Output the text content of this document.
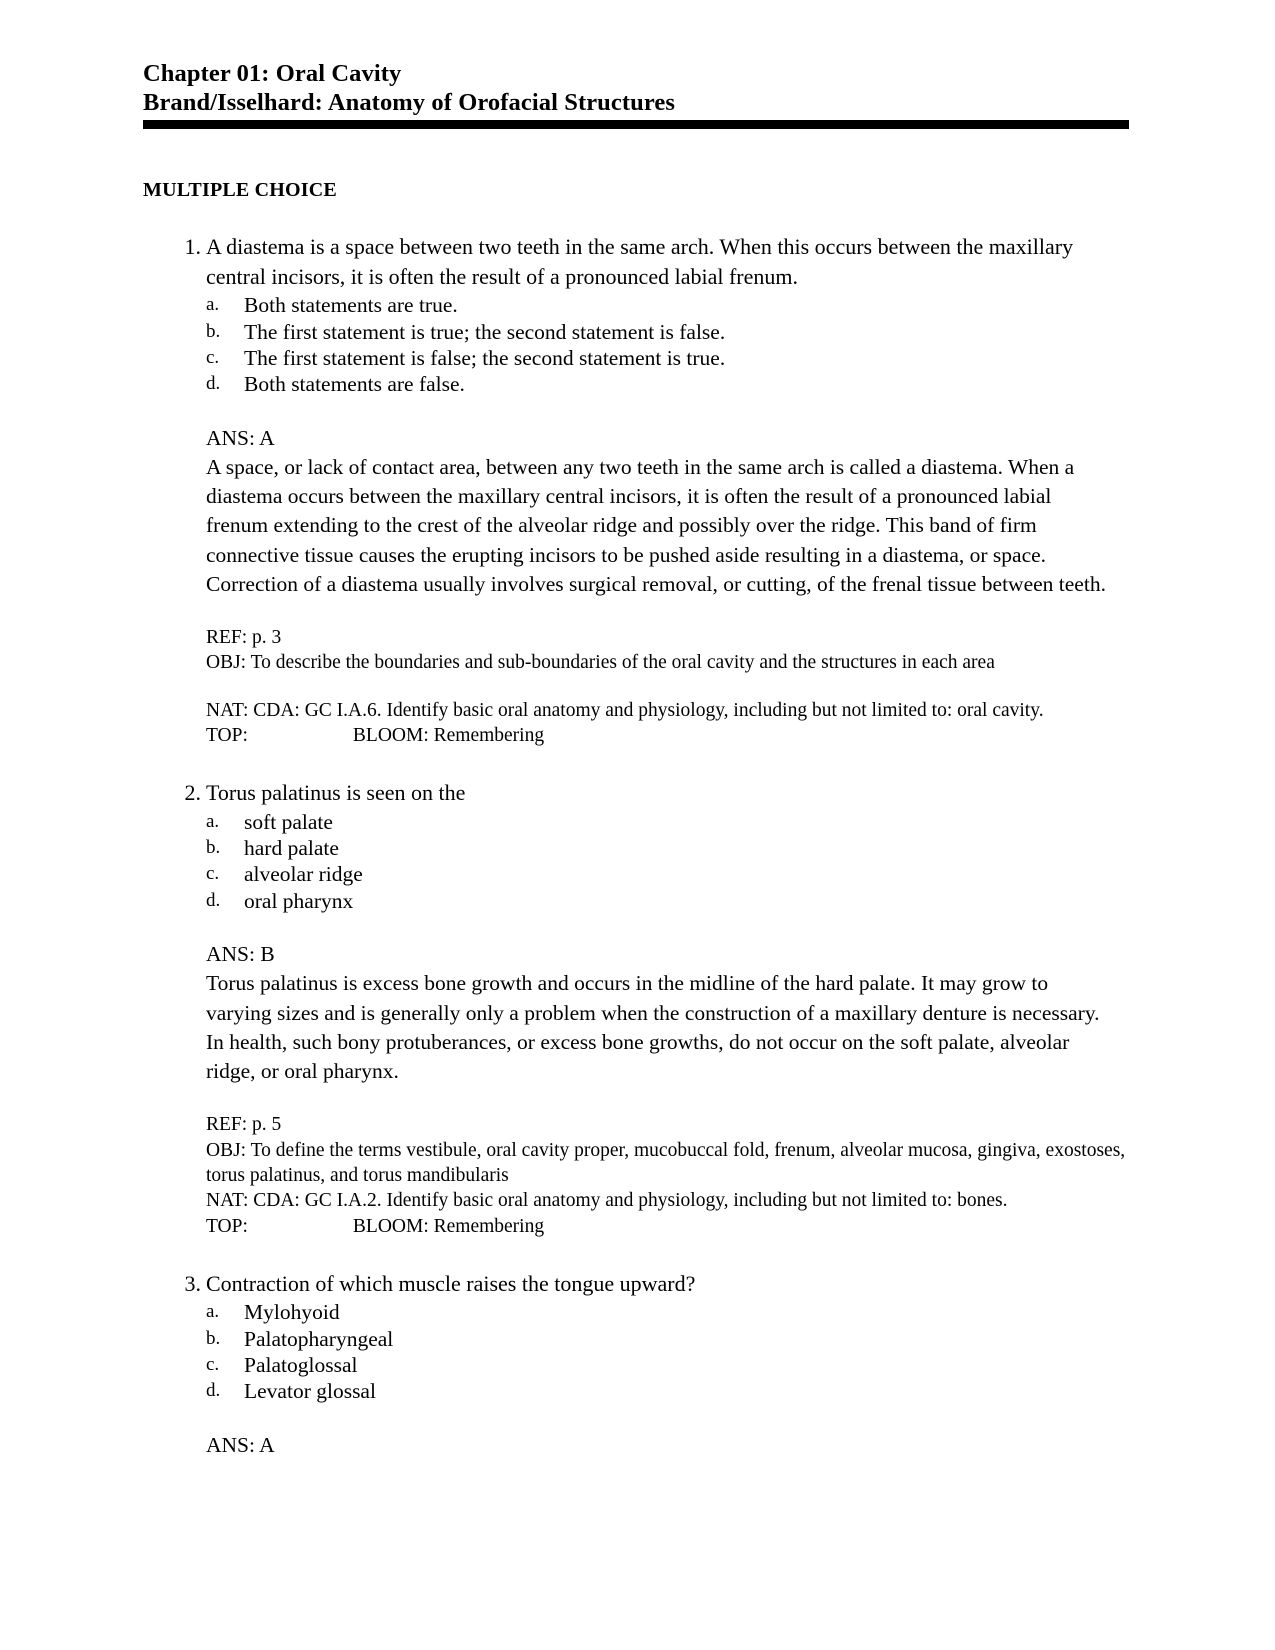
Chapter 01: Oral Cavity
Brand/Isselhard: Anatomy of Orofacial Structures
MULTIPLE CHOICE
1. A diastema is a space between two teeth in the same arch. When this occurs between the maxillary central incisors, it is often the result of a pronounced labial frenum.
a. Both statements are true.
b. The first statement is true; the second statement is false.
c. The first statement is false; the second statement is true.
d. Both statements are false.
ANS: A
A space, or lack of contact area, between any two teeth in the same arch is called a diastema. When a diastema occurs between the maxillary central incisors, it is often the result of a pronounced labial frenum extending to the crest of the alveolar ridge and possibly over the ridge. This band of firm connective tissue causes the erupting incisors to be pushed aside resulting in a diastema, or space. Correction of a diastema usually involves surgical removal, or cutting, of the frenal tissue between teeth.
REF: p. 3
OBJ: To describe the boundaries and sub-boundaries of the oral cavity and the structures in each area
NAT: CDA: GC I.A.6. Identify basic oral anatomy and physiology, including but not limited to: oral cavity. TOP:	BLOOM: Remembering
2. Torus palatinus is seen on the
a. soft palate
b. hard palate
c. alveolar ridge
d. oral pharynx
ANS: B
Torus palatinus is excess bone growth and occurs in the midline of the hard palate. It may grow to varying sizes and is generally only a problem when the construction of a maxillary denture is necessary. In health, such bony protuberances, or excess bone growths, do not occur on the soft palate, alveolar ridge, or oral pharynx.
REF: p. 5
OBJ: To define the terms vestibule, oral cavity proper, mucobuccal fold, frenum, alveolar mucosa, gingiva, exostoses, torus palatinus, and torus mandibularis
NAT: CDA: GC I.A.2. Identify basic oral anatomy and physiology, including but not limited to: bones. TOP:	BLOOM: Remembering
3. Contraction of which muscle raises the tongue upward?
a. Mylohyoid
b. Palatopharyngeal
c. Palatoglossal
d. Levator glossal
ANS: A
